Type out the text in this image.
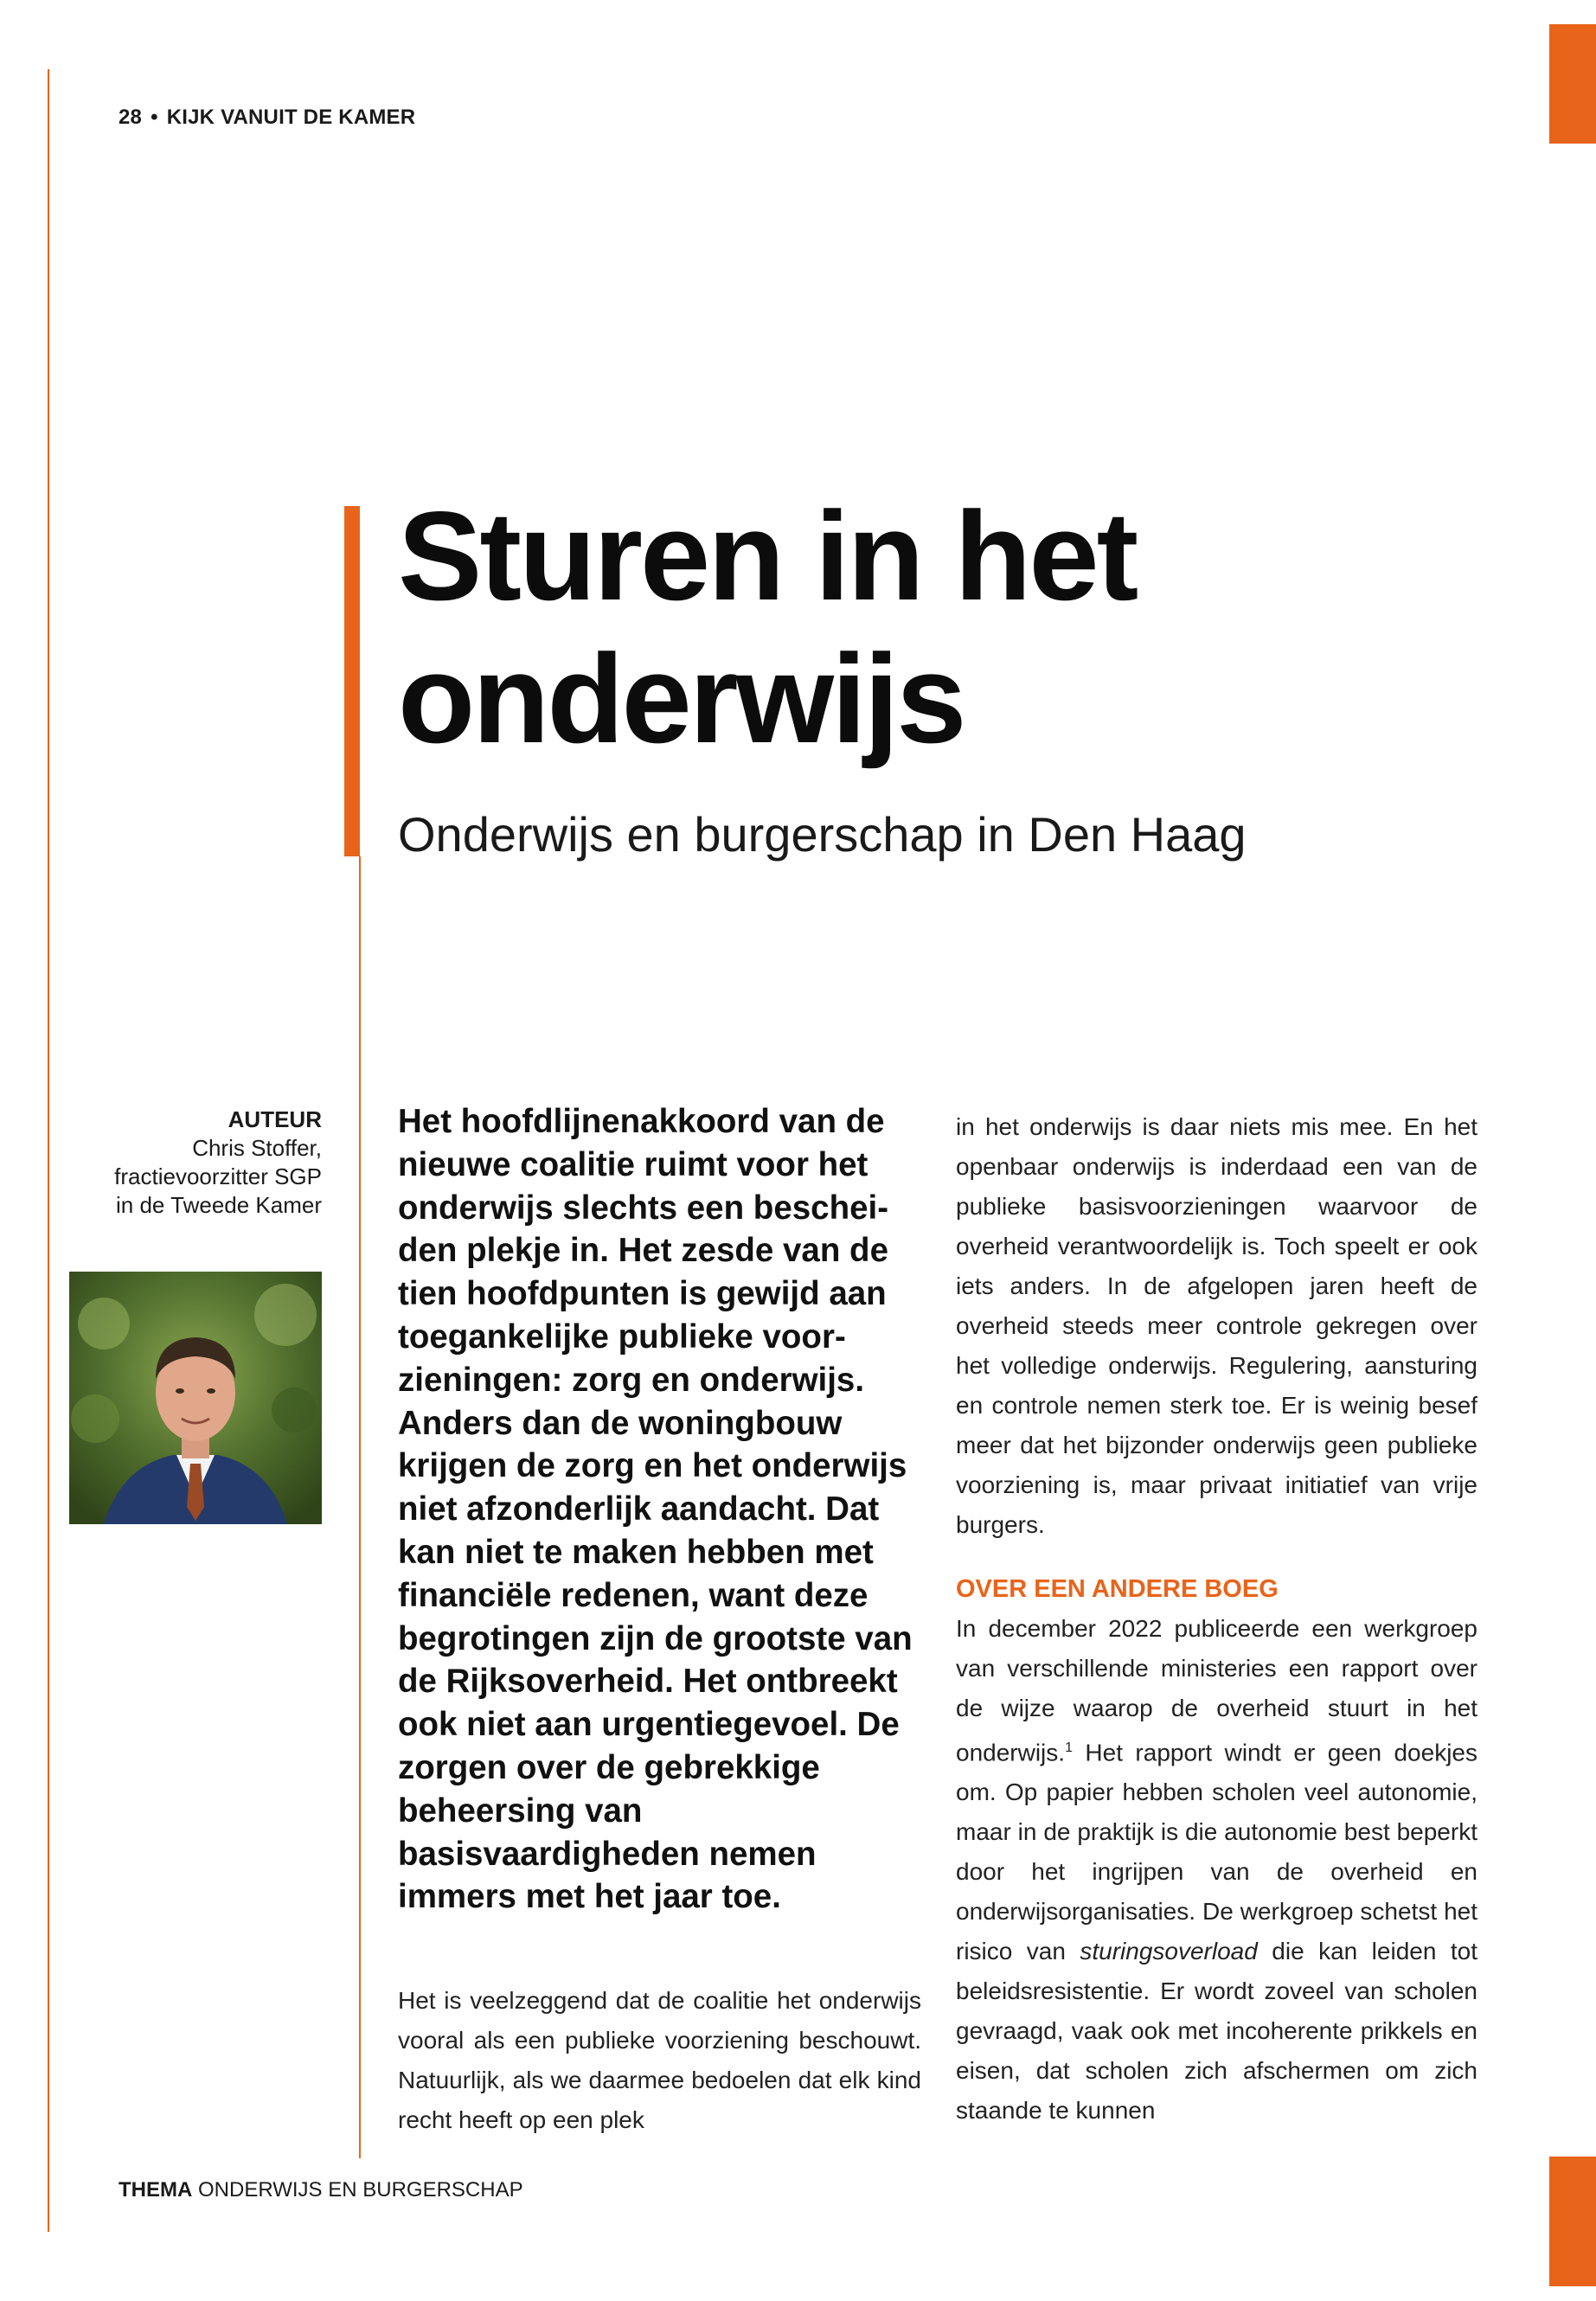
28 • KIJK VANUIT DE KAMER
Sturen in het onderwijs
Onderwijs en burgerschap in Den Haag
AUTEUR
Chris Stoffer,
fractievoorzitter SGP
in de Tweede Kamer
Het hoofdlijnenakkoord van de nieuwe coalitie ruimt voor het onderwijs slechts een bescheiden plekje in. Het zesde van de tien hoofdpunten is gewijd aan toegankelijke publieke voorzieningen: zorg en onderwijs. Anders dan de woningbouw krijgen de zorg en het onderwijs niet afzonderlijk aandacht. Dat kan niet te maken hebben met financiële redenen, want deze begrotingen zijn de grootste van de Rijksoverheid. Het ontbreekt ook niet aan urgentiegevoel. De zorgen over de gebrekkige beheersing van basisvaardigheden nemen immers met het jaar toe.
Het is veelzeggend dat de coalitie het onderwijs vooral als een publieke voorziening beschouwt. Natuurlijk, als we daarmee bedoelen dat elk kind recht heeft op een plek

in het onderwijs is daar niets mis mee. En het openbaar onderwijs is inderdaad een van de publieke basisvoorzieningen waarvoor de overheid verantwoordelijk is. Toch speelt er ook iets anders. In de afgelopen jaren heeft de overheid steeds meer controle gekregen over het volledige onderwijs. Regulering, aansturing en controle nemen sterk toe. Er is weinig besef meer dat het bijzonder onderwijs geen publieke voorziening is, maar privaat initiatief van vrije burgers.

OVER EEN ANDERE BOEG

In december 2022 publiceerde een werkgroep van verschillende ministeries een rapport over de wijze waarop de overheid stuurt in het onderwijs.$^1$ Het rapport windt er geen doekjes om. Op papier hebben scholen veel autonomie, maar in de praktijk is die autonomie best beperkt door het ingrijpen van de overheid en onderwijsorganisaties. De werkgroep schetst het risico van sturingsoverload die kan leiden tot beleidsresistentie. Er wordt zoveel van scholen gevraagd, vaak ook met incoherente prikkels en eisen, dat scholen zich afschermen om zich staande te kunnen

THEMA ONDERWIJS EN BURGERSCHAP
